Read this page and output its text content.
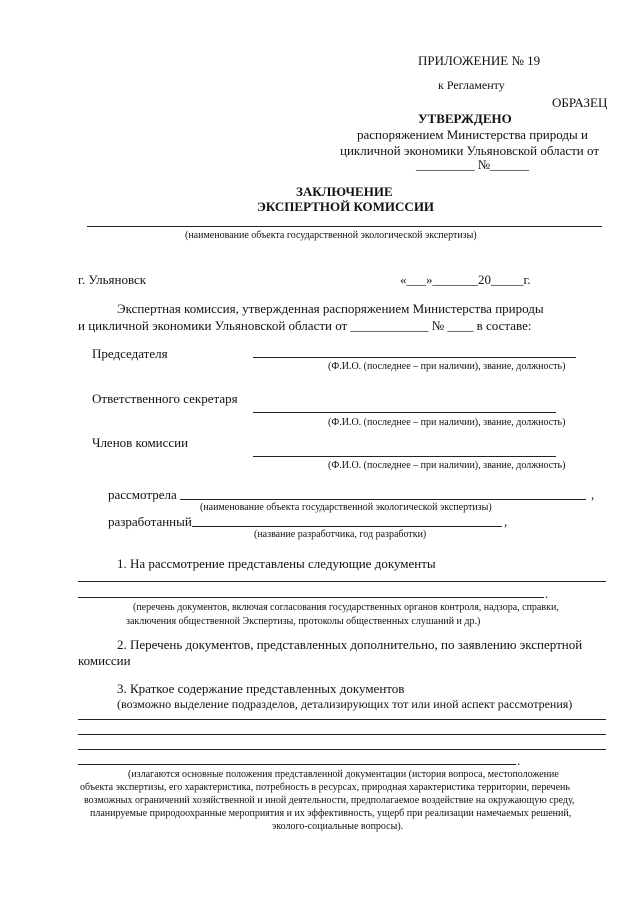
ПРИЛОЖЕНИЕ № 19
к Регламенту
ОБРАЗЕЦ
УТВЕРЖДЕНО
распоряжением Министерства природы и
цикличной экономики Ульяновской области от
_________ №______
ЗАКЛЮЧЕНИЕ
ЭКСПЕРТНОЙ КОМИССИИ
(наименование объекта государственной экологической экспертизы)
г. Ульяновск	«___»_______20_____г.
Экспертная комиссия, утвержденная распоряжением Министерства природы
и цикличной экономики Ульяновской области от ____________ № ____ в составе:
Председателя
(Ф.И.О. (последнее – при наличии), звание, должность)
Ответственного секретаря
(Ф.И.О. (последнее – при наличии), звание, должность)
Членов комиссии
(Ф.И.О. (последнее – при наличии), звание, должность)
рассмотрела	,
(наименование объекта государственной экологической экспертизы)
разработанный	,
(название разработчика, год разработки)
1. На рассмотрение представлены следующие документы
.
(перечень документов, включая согласования государственных органов контроля, надзора, справки,
заключения общественной Экспертизы, протоколы общественных слушаний и др.)
2. Перечень документов, представленных дополнительно, по заявлению экспертной
комиссии
3. Краткое содержание представленных документов
(возможно выделение подразделов, детализирующих тот или иной аспект рассмотрения)
.
(излагаются основные положения представленной документации (история вопроса, местоположение
объекта экспертизы, его характеристика, потребность в ресурсах, природная характеристика территории, перечень
возможных ограничений хозяйственной и иной деятельности, предполагаемое воздействие на окружающую среду,
планируемые природоохранные мероприятия и их эффективность, ущерб при реализации намечаемых решений,
эколого-социальные вопросы).
